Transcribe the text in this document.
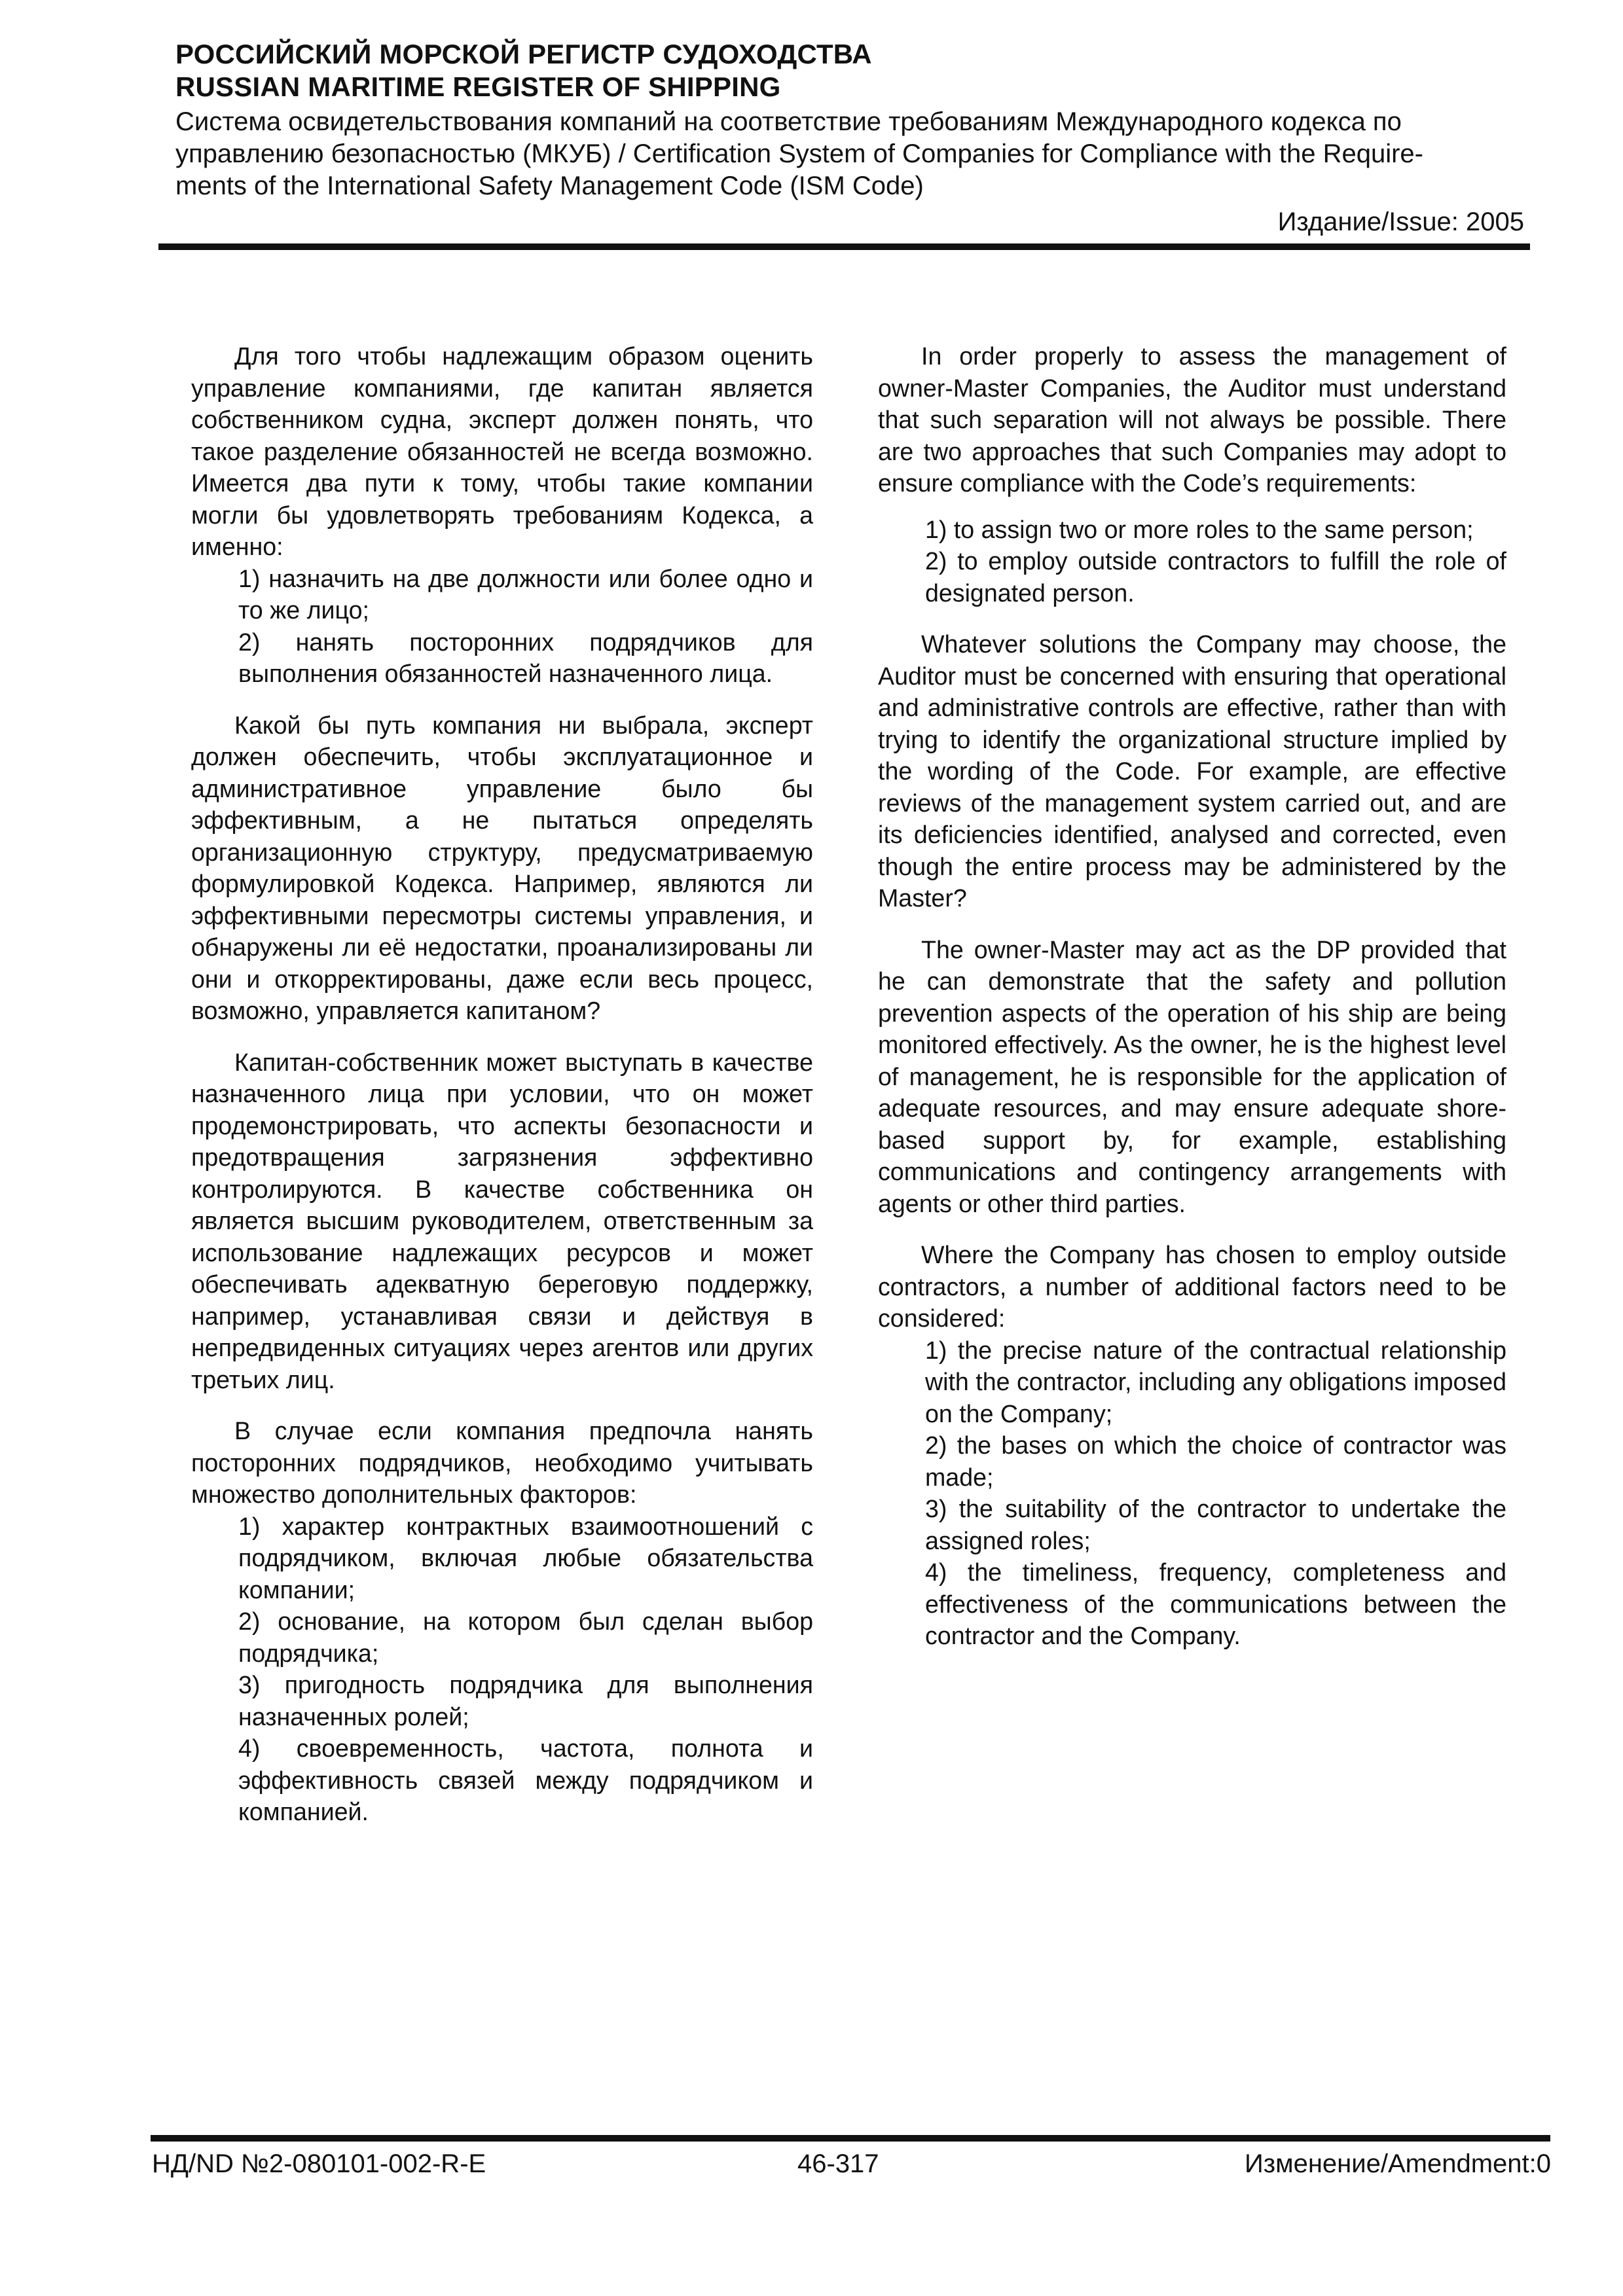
РОССИЙСКИЙ МОРСКОЙ РЕГИСТР СУДОХОДСТВА
RUSSIAN MARITIME REGISTER OF SHIPPING
Система освидетельствования компаний на соответствие требованиям Международного кодекса по
управлению безопасностью (МКУБ) / Certification System of Companies for Compliance with the Require-
ments of the International Safety Management Code (ISM Code)
Издание/Issue: 2005

Для того чтобы надлежащим образом оценить управление компаниями, где капитан является собственником судна, эксперт должен понять, что такое разделение обязанностей не всегда возможно. Имеется два пути к тому, чтобы такие компании могли бы удовлетворять требованиям Кодекса, а именно:

1) назначить на две должности или более одно и то же лицо;
2) нанять посторонних подрядчиков для выполнения обязанностей назначенного лица.

Какой бы путь компания ни выбрала, эксперт должен обеспечить, чтобы эксплуатационное и административное управление было бы эффективным, а не пытаться определять организационную структуру, предусматриваемую формулировкой Кодекса. Например, являются ли эффективными пересмотры системы управления, и обнаружены ли её недостатки, проанализированы ли они и откорректированы, даже если весь процесс, возможно, управляется капитаном?

Капитан-собственник может выступать в качестве назначенного лица при условии, что он может продемонстрировать, что аспекты безопасности и предотвращения загрязнения эффективно контролируются. В качестве собственника он является высшим руководителем, ответственным за использование надлежащих ресурсов и может обеспечивать адекватную береговую поддержку, например, устанавливая связи и действуя в непредвиденных ситуациях через агентов или других третьих лиц.

В случае если компания предпочла нанять посторонних подрядчиков, необходимо учитывать множество дополнительных факторов:

1) характер контрактных взаимоотношений с подрядчиком, включая любые обязательства компании;
2) основание, на котором был сделан выбор подрядчика;
3) пригодность подрядчика для выполнения назначенных ролей;
4) своевременность, частота, полнота и эффективность связей между подрядчиком и компанией.

In order properly to assess the management of owner-Master Companies, the Auditor must understand that such separation will not always be possible. There are two approaches that such Companies may adopt to ensure compliance with the Code’s requirements:

1) to assign two or more roles to the same person;
2) to employ outside contractors to fulfill the role of designated person.

Whatever solutions the Company may choose, the Auditor must be concerned with ensuring that operational and administrative controls are effective, rather than with trying to identify the organizational structure implied by the wording of the Code. For example, are effective reviews of the management system carried out, and are its deficiencies identified, analysed and corrected, even though the entire process may be administered by the Master?

The owner-Master may act as the DP provided that he can demonstrate that the safety and pollution prevention aspects of the operation of his ship are being monitored effectively. As the owner, he is the highest level of management, he is responsible for the application of adequate resources, and may ensure adequate shore-based support by, for example, establishing communications and contingency arrangements with agents or other third parties.

Where the Company has chosen to employ outside contractors, a number of additional factors need to be considered:

1) the precise nature of the contractual relationship with the contractor, including any obligations imposed on the Company;
2) the bases on which the choice of contractor was made;
3) the suitability of the contractor to undertake the assigned roles;
4) the timeliness, frequency, completeness and effectiveness of the communications between the contractor and the Company.
НД/ND №2-080101-002-R-E	46-317	Изменение/Amendment:0
